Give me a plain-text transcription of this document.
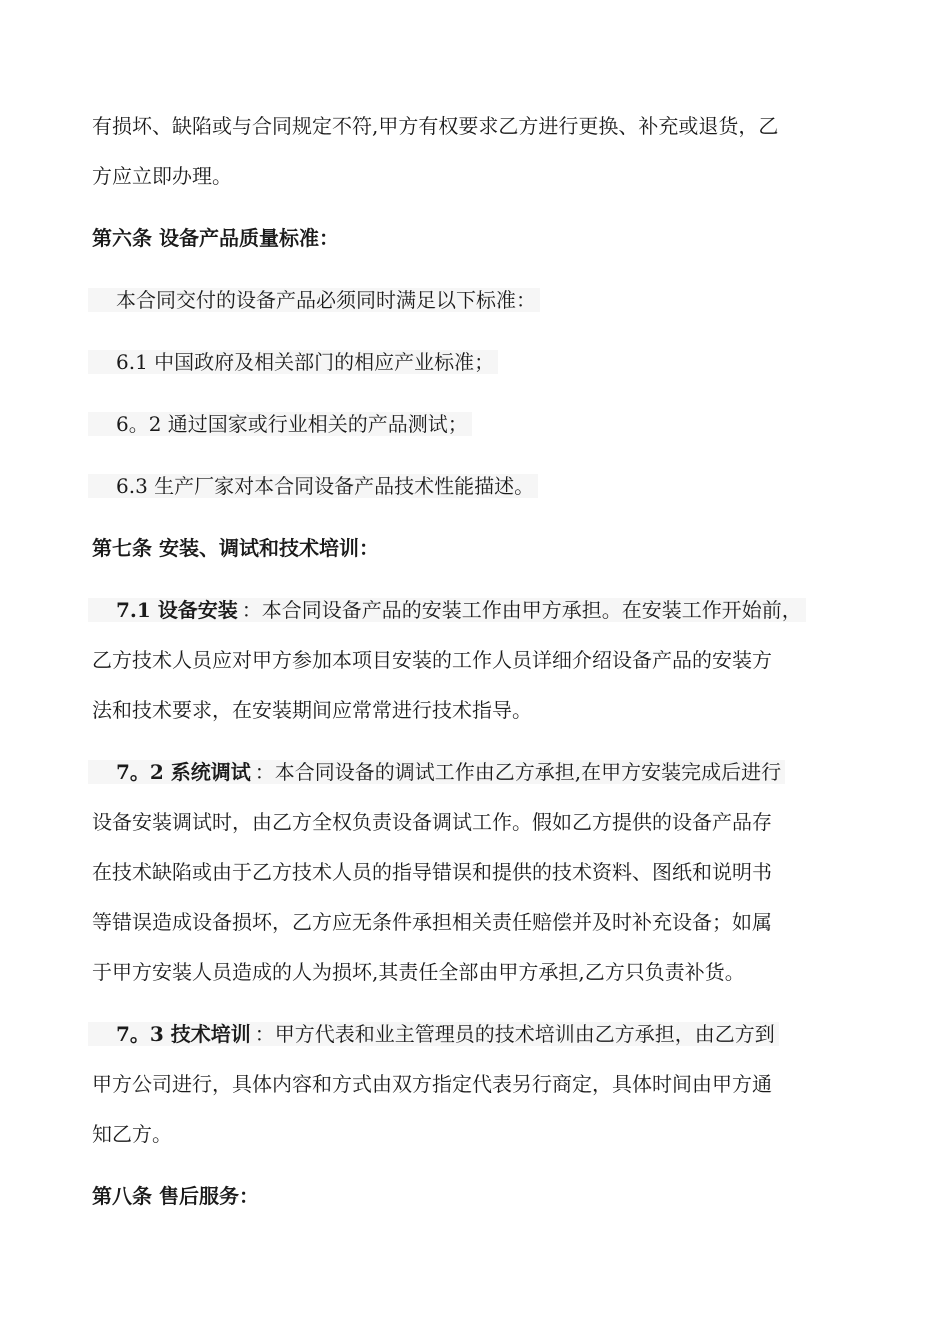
有损坏、缺陷或与合同规定不符,甲方有权要求乙方进行更换、补充或退货，乙
方应立即办理。
第六条 设备产品质量标准：
本合同交付的设备产品必须同时满足以下标准：
6.1 中国政府及相关部门的相应产业标准；
6。2 通过国家或行业相关的产品测试；
6.3 生产厂家对本合同设备产品技术性能描述。
第七条 安装、调试和技术培训：
7.1 设备安装 ：本合同设备产品的安装工作由甲方承担。在安装工作开始前，
乙方技术人员应对甲方参加本项目安装的工作人员详细介绍设备产品的安装方
法和技术要求，在安装期间应常常进行技术指导。
7。2 系统调试 ：本合同设备的调试工作由乙方承担,在甲方安装完成后进行
设备安装调试时，由乙方全权负责设备调试工作。假如乙方提供的设备产品存
在技术缺陷或由于乙方技术人员的指导错误和提供的技术资料、图纸和说明书
等错误造成设备损坏，乙方应无条件承担相关责任赔偿并及时补充设备；如属
于甲方安装人员造成的人为损坏,其责任全部由甲方承担,乙方只负责补货。
7。3 技术培训 ：甲方代表和业主管理员的技术培训由乙方承担，由乙方到
甲方公司进行，具体内容和方式由双方指定代表另行商定，具体时间由甲方通
知乙方。
第八条 售后服务：
